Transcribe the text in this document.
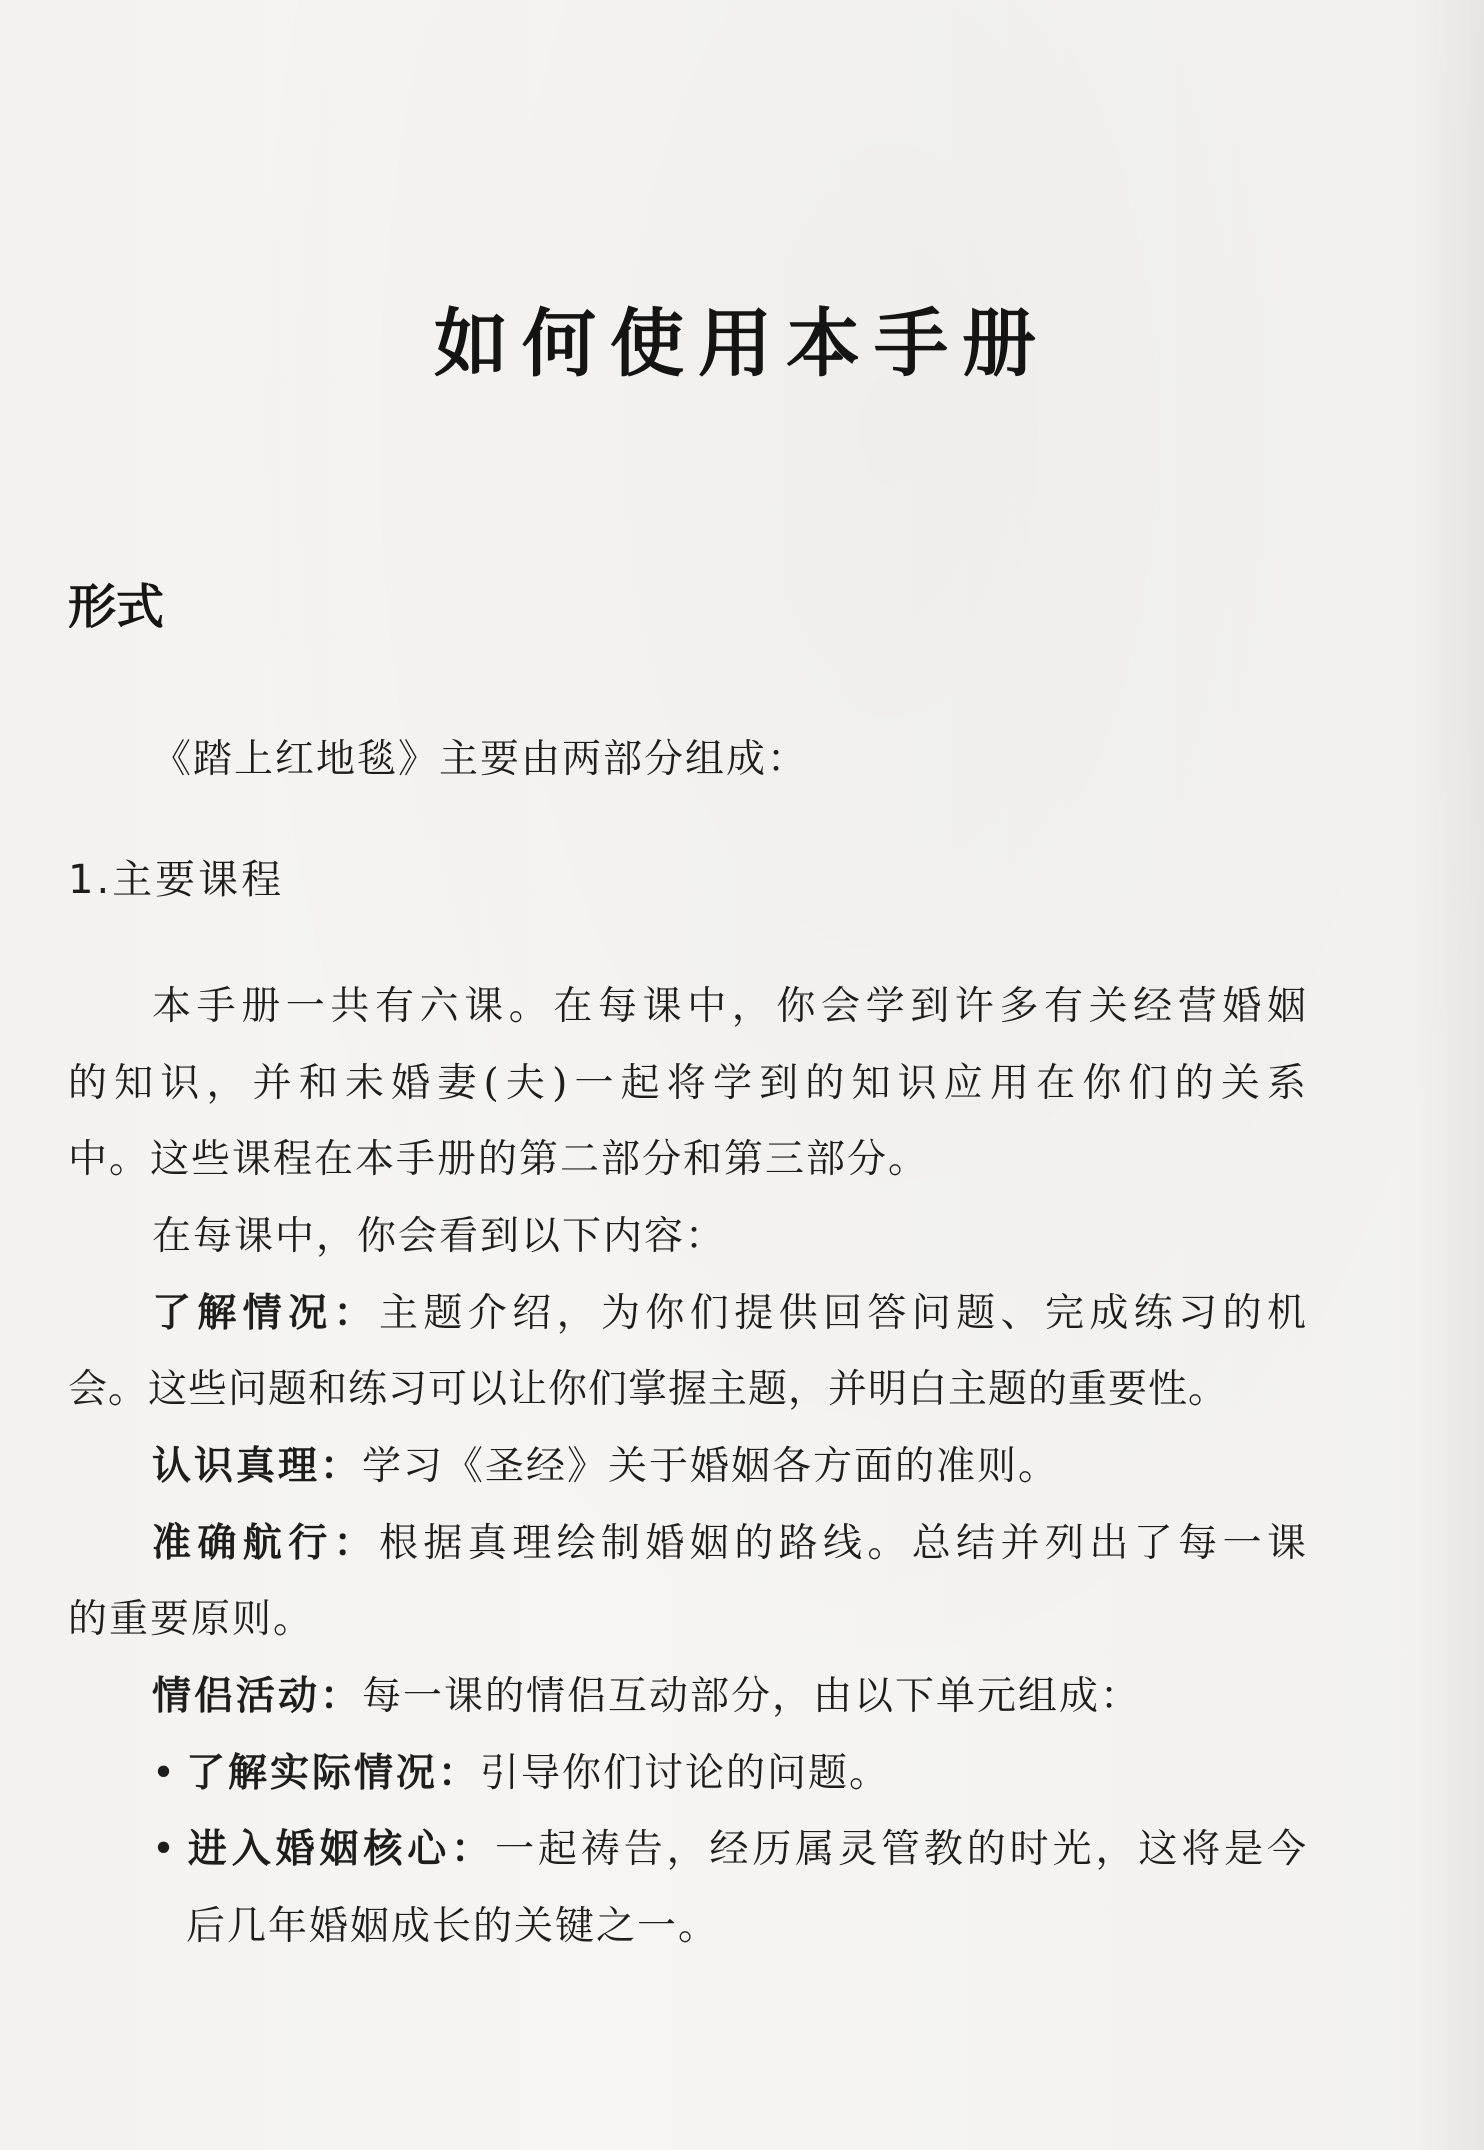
如何使用本手册
形式
《踏上红地毯》主要由两部分组成：
1.主要课程
本手册一共有六课。在每课中，你会学到许多有关经营婚姻
的知识，并和未婚妻(夫)一起将学到的知识应用在你们的关系
中。这些课程在本手册的第二部分和第三部分。
在每课中，你会看到以下内容：
了解情况：主题介绍，为你们提供回答问题、完成练习的机
会。这些问题和练习可以让你们掌握主题，并明白主题的重要性。
认识真理：学习《圣经》关于婚姻各方面的准则。
准确航行：根据真理绘制婚姻的路线。总结并列出了每一课
的重要原则。
情侣活动：每一课的情侣互动部分，由以下单元组成：
• 了解实际情况：引导你们讨论的问题。
• 进入婚姻核心：一起祷告，经历属灵管教的时光，这将是今
后几年婚姻成长的关键之一。
